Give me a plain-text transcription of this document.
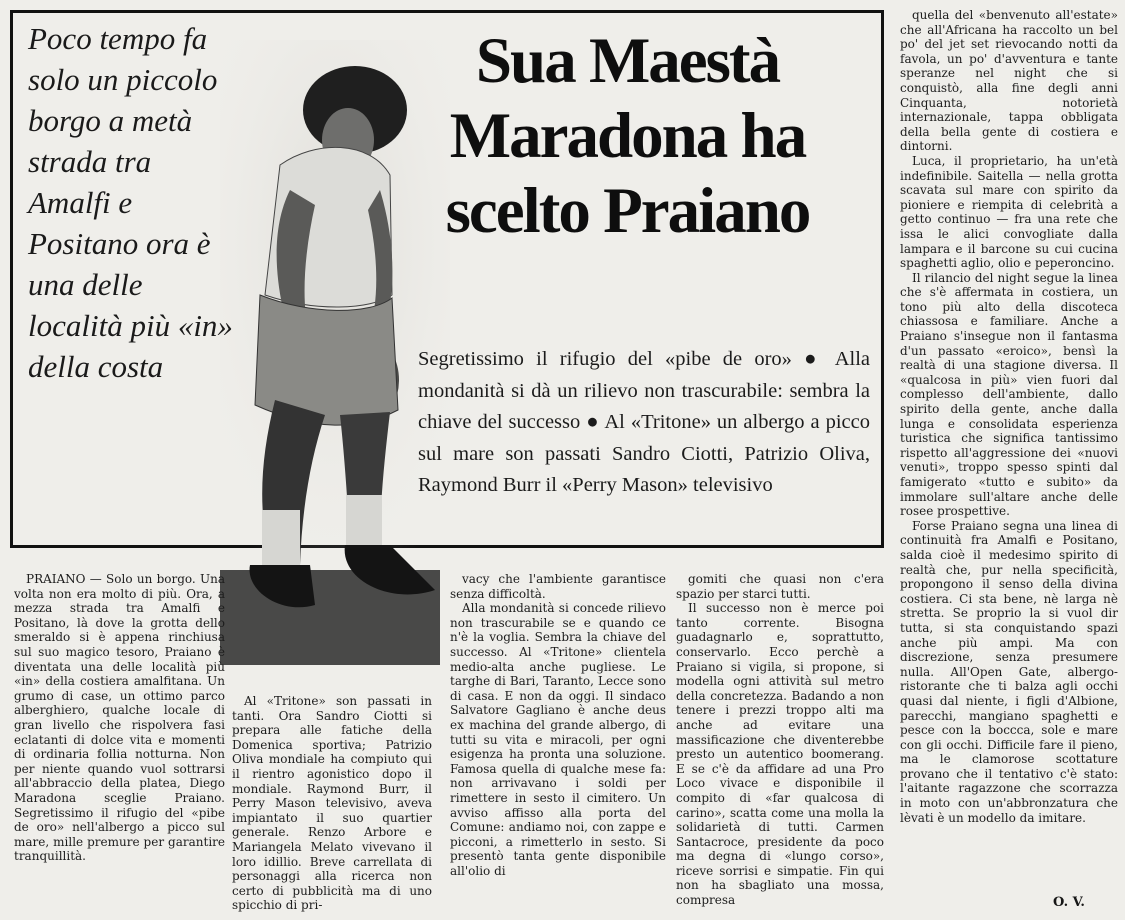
Poco tempo fa solo un piccolo borgo a metà strada tra Amalfi e Positano ora è una delle località più «in» della costa
Sua Maestà Maradona ha scelto Praiano

Segretissimo il rifugio del «pibe de oro» ● Alla mondanità si dà un rilievo non trascurabile: sembra la chiave del successo ● Al «Tritone» un albergo a picco sul mare son passati Sandro Ciotti, Patrizio Oliva, Raymond Burr il «Perry Mason» televisivo

PRAIANO — Solo un borgo. Una volta non era molto di più. Ora, a mezza strada tra Amalfi e Positano, là dove la grotta dello smeraldo si è appena rinchiusa sul suo magico tesoro, Praiano è diventata una delle località più «in» della costiera amalfitana. Un grumo di case, un ottimo parco alberghiero, qualche locale di gran livello che rispolvera fasi eclatanti di dolce vita e momenti di ordinaria follia notturna. Non per niente quando vuol sottrarsi all'abbraccio della platea, Diego Maradona sceglie Praiano. Segretissimo il rifugio del «pibe de oro» nell'albergo a picco sul mare, mille premure per garantire tranquillità.

Al «Tritone» son passati in tanti. Ora Sandro Ciotti si prepara alle fatiche della Domenica sportiva; Patrizio Oliva mondiale ha compiuto qui il rientro agonistico dopo il mondiale. Raymond Burr, il Perry Mason televisivo, aveva impiantato il suo quartier generale. Renzo Arbore e Mariangela Melato vivevano il loro idillio. Breve carrellata di personaggi alla ricerca non certo di pubblicità ma di uno spicchio di pri-

vacy che l'ambiente garantisce senza difficoltà.

Alla mondanità si concede rilievo non trascurabile se e quando ce n'è la voglia. Sembra la chiave del successo. Al «Tritone» clientela medio-alta anche pugliese. Le targhe di Bari, Taranto, Lecce sono di casa. E non da oggi. Il sindaco Salvatore Gagliano è anche deus ex machina del grande albergo, di tutti su vita e miracoli, per ogni esigenza ha pronta una soluzione. Famosa quella di qualche mese fa: non arrivavano i soldi per rimettere in sesto il cimitero. Un avviso affisso alla porta del Comune: andiamo noi, con zappe e picconi, a rimetterlo in sesto. Si presentò tanta gente disponibile all'olio di

gomiti che quasi non c'era spazio per starci tutti.

Il successo non è merce poi tanto corrente. Bisogna guadagnarlo e, soprattutto, conservarlo. Ecco perchè a Praiano si vigila, si propone, si modella ogni attività sul metro della concretezza. Badando a non tenere i prezzi troppo alti ma anche ad evitare una massificazione che diventerebbe presto un autentico boomerang. E se c'è da affidare ad una Pro Loco vivace e disponibile il compito di «far qualcosa di carino», scatta come una molla la solidarietà di tutti. Carmen Santacroce, presidente da poco ma degna di «lungo corso», riceve sorrisi e simpatie. Fin qui non ha sbagliato una mossa, compresa

quella del «benvenuto all'estate» che all'Africana ha raccolto un bel po' del jet set rievocando notti da favola, un po' d'avventura e tante speranze nel night che si conquistò, alla fine degli anni Cinquanta, notorietà internazionale, tappa obbligata della bella gente di costiera e dintorni.

Luca, il proprietario, ha un'età indefinibile. Saitella — nella grotta scavata sul mare con spirito da pioniere e riempita di celebrità a getto continuo — fra una rete che issa le alici convogliate dalla lampara e il barcone su cui cucina spaghetti aglio, olio e peperoncino.

Il rilancio del night segue la linea che s'è affermata in costiera, un tono più alto della discoteca chiassosa e familiare. Anche a Praiano s'insegue non il fantasma d'un passato «eroico», bensì la realtà di una stagione diversa. Il «qualcosa in più» vien fuori dal complesso dell'ambiente, dallo spirito della gente, anche dalla lunga e consolidata esperienza turistica che significa tantissimo rispetto all'aggressione dei «nuovi venuti», troppo spesso spinti dal famigerato «tutto e subito» da immolare sull'altare anche delle rosee prospettive.

Forse Praiano segna una linea di continuità fra Amalfi e Positano, salda cioè il medesimo spirito di realtà che, pur nella specificità, propongono il senso della divina costiera. Ci sta bene, nè larga nè stretta. Se proprio la si vuol dir tutta, si sta conquistando spazi anche più ampi. Ma con discrezione, senza presumere nulla. All'Open Gate, albergo-ristorante che ti balza agli occhi quasi dal niente, i figli d'Albione, parecchi, mangiano spaghetti e pesce con la boccca, sole e mare con gli occhi. Difficile fare il pieno, ma le clamorose scottature provano che il tentativo c'è stato: l'aitante ragazzone che scorrazza in moto con un'abbronzatura che lèvati è un modello da imitare.

O. V.
